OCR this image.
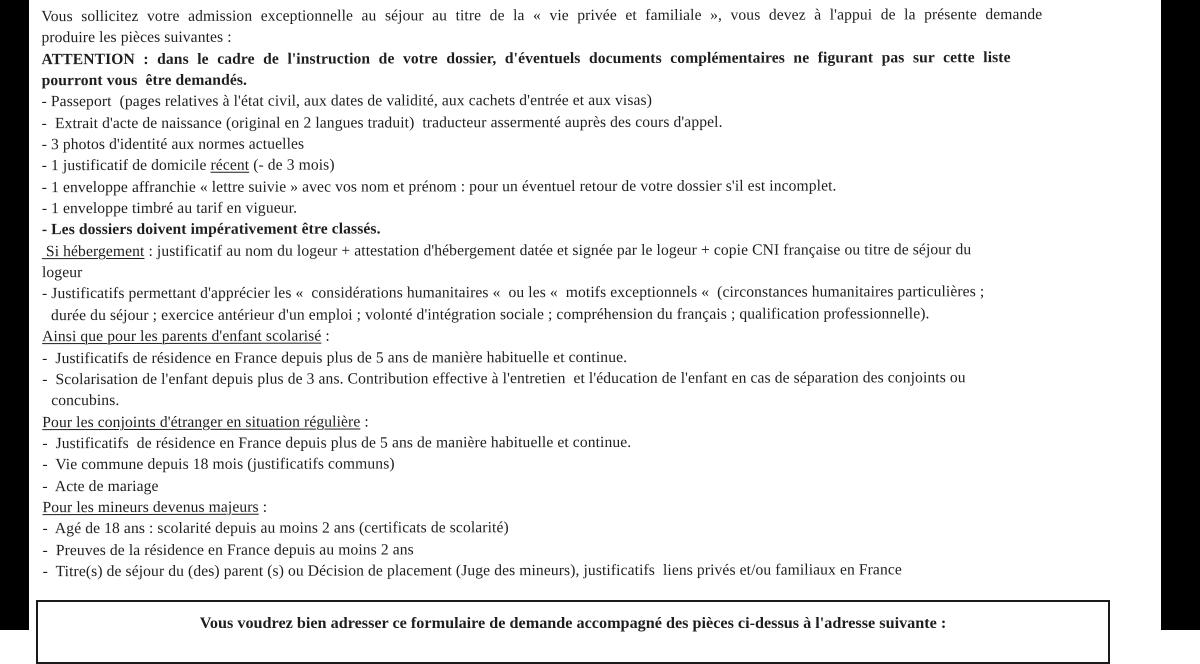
Vous sollicitez votre admission exceptionnelle au séjour au titre de la « vie privée et familiale », vous devez à l'appui de la présente demande
produire les pièces suivantes :
ATTENTION : dans le cadre de l'instruction de votre dossier, d'éventuels documents complémentaires ne figurant pas sur cette liste
pourront vous  être demandés.
- Passeport  (pages relatives à l'état civil, aux dates de validité, aux cachets d'entrée et aux visas)
-  Extrait d'acte de naissance (original en 2 langues traduit)  traducteur assermenté auprès des cours d'appel.
- 3 photos d'identité aux normes actuelles
- 1 justificatif de domicile récent (- de 3 mois)
- 1 enveloppe affranchie « lettre suivie » avec vos nom et prénom : pour un éventuel retour de votre dossier s'il est incomplet.
- 1 enveloppe timbré au tarif en vigueur.
- Les dossiers doivent impérativement être classés.
Si hébergement : justificatif au nom du logeur + attestation d'hébergement datée et signée par le logeur + copie CNI française ou titre de séjour du
logeur
- Justificatifs permettant d'apprécier les «  considérations humanitaires «  ou les «  motifs exceptionnels «  (circonstances humanitaires particulières ;
durée du séjour ; exercice antérieur d'un emploi ; volonté d'intégration sociale ; compréhension du français ; qualification professionnelle).
Ainsi que pour les parents d'enfant scolarisé :
-  Justificatifs de résidence en France depuis plus de 5 ans de manière habituelle et continue.
-  Scolarisation de l'enfant depuis plus de 3 ans. Contribution effective à l'entretien  et l'éducation de l'enfant en cas de séparation des conjoints ou
concubins.
Pour les conjoints d'étranger en situation régulière :
-  Justificatifs  de résidence en France depuis plus de 5 ans de manière habituelle et continue.
-  Vie commune depuis 18 mois (justificatifs communs)
-  Acte de mariage
Pour les mineurs devenus majeurs :
-  Agé de 18 ans : scolarité depuis au moins 2 ans (certificats de scolarité)
-  Preuves de la résidence en France depuis au moins 2 ans
-  Titre(s) de séjour du (des) parent (s) ou Décision de placement (Juge des mineurs), justificatifs  liens privés et/ou familiaux en France
Vous voudrez bien adresser ce formulaire de demande accompagné des pièces ci-dessus à l'adresse suivante :
